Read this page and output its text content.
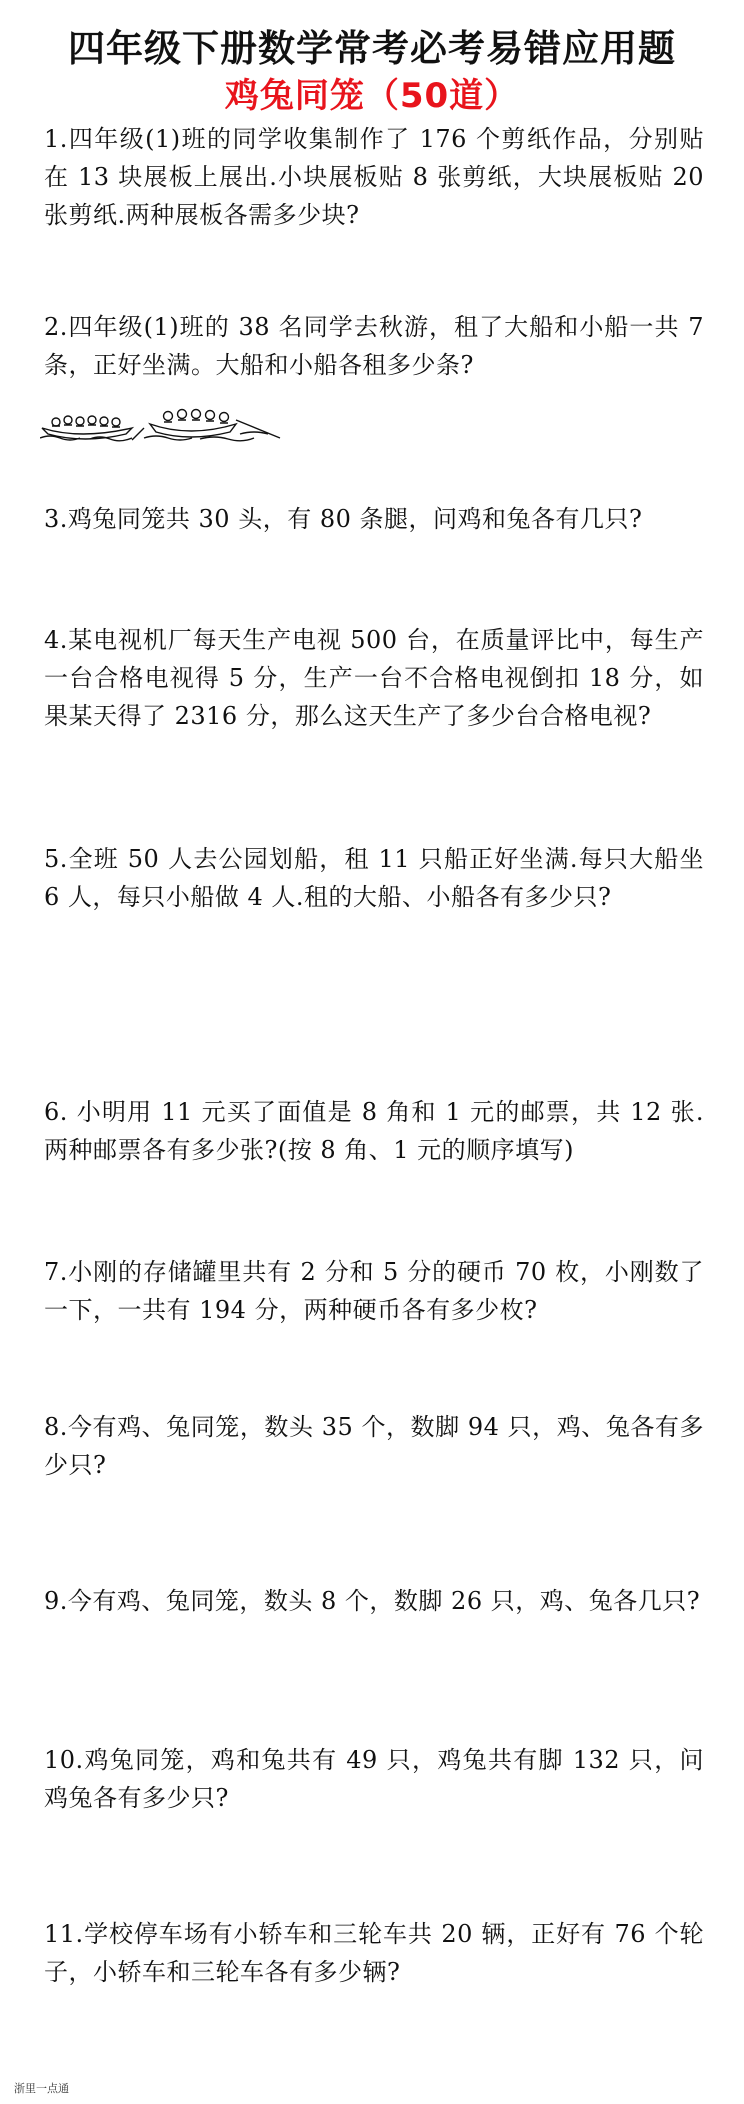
四年级下册数学常考必考易错应用题
鸡兔同笼（50道）
1.四年级(1)班的同学收集制作了 176 个剪纸作品，分别贴在 13 块展板上展出.小块展板贴 8 张剪纸，大块展板贴 20 张剪纸.两种展板各需多少块?
2.四年级(1)班的 38 名同学去秋游，租了大船和小船一共 7 条，正好坐满。大船和小船各租多少条?
3.鸡兔同笼共 30 头，有 80 条腿，问鸡和兔各有几只?
4.某电视机厂每天生产电视 500 台，在质量评比中，每生产一台合格电视得 5 分，生产一台不合格电视倒扣 18 分，如果某天得了 2316 分，那么这天生产了多少台合格电视?
5.全班 50 人去公园划船，租 11 只船正好坐满.每只大船坐 6 人，每只小船做 4 人.租的大船、小船各有多少只?
6. 小明用 11 元买了面值是 8 角和 1 元的邮票，共 12 张.两种邮票各有多少张?(按 8 角、1 元的顺序填写)
7.小刚的存储罐里共有 2 分和 5 分的硬币 70 枚，小刚数了一下，一共有 194 分，两种硬币各有多少枚?
8.今有鸡、兔同笼，数头 35 个，数脚 94 只，鸡、兔各有多少只?
9.今有鸡、兔同笼，数头 8 个，数脚 26 只，鸡、兔各几只?
10.鸡兔同笼，鸡和兔共有 49 只，鸡兔共有脚 132 只，问鸡兔各有多少只?
11.学校停车场有小轿车和三轮车共 20 辆，正好有 76 个轮子，小轿车和三轮车各有多少辆?
浙里一点通
